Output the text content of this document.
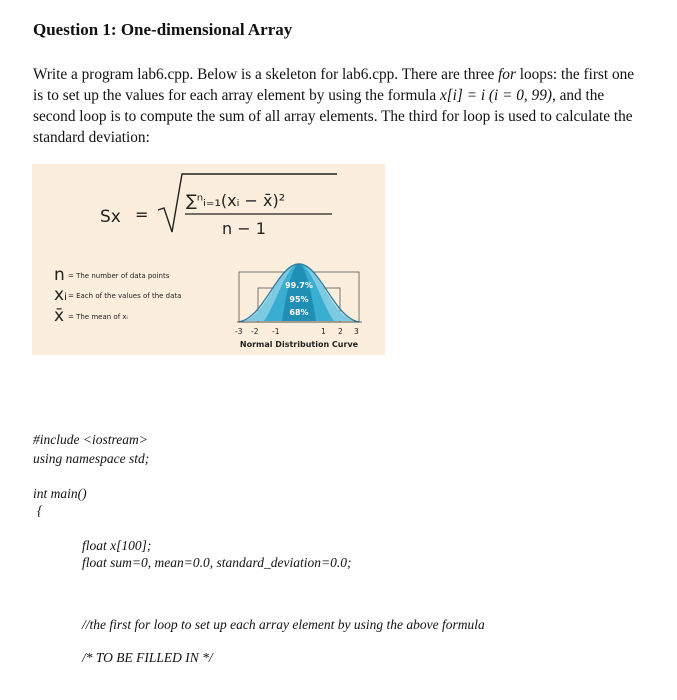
Question 1: One-dimensional Array

Write a program lab6.cpp. Below is a skeleton for lab6.cpp. There are three for loops: the first one is to set up the values for each array element by using the formula x[i] = i (i = 0, 99), and the second loop is to compute the sum of all array elements. The third for loop is used to calculate the standard deviation:

Sx =
∑ⁿᵢ₌₁(xᵢ − x̄)²
n − 1
n = The number of data points
xᵢ = Each of the values of the data
x̄ = The mean of xᵢ
99.7%
95%
68%
-3 -2 -1	1 2 3
Normal Distribution Curve
#include <iostream>
using namespace std;
int main()
{
float x[100];
float sum=0, mean=0.0, standard_deviation=0.0;
//the first for loop to set up each array element by using the above formula
/* TO BE FILLED IN */
